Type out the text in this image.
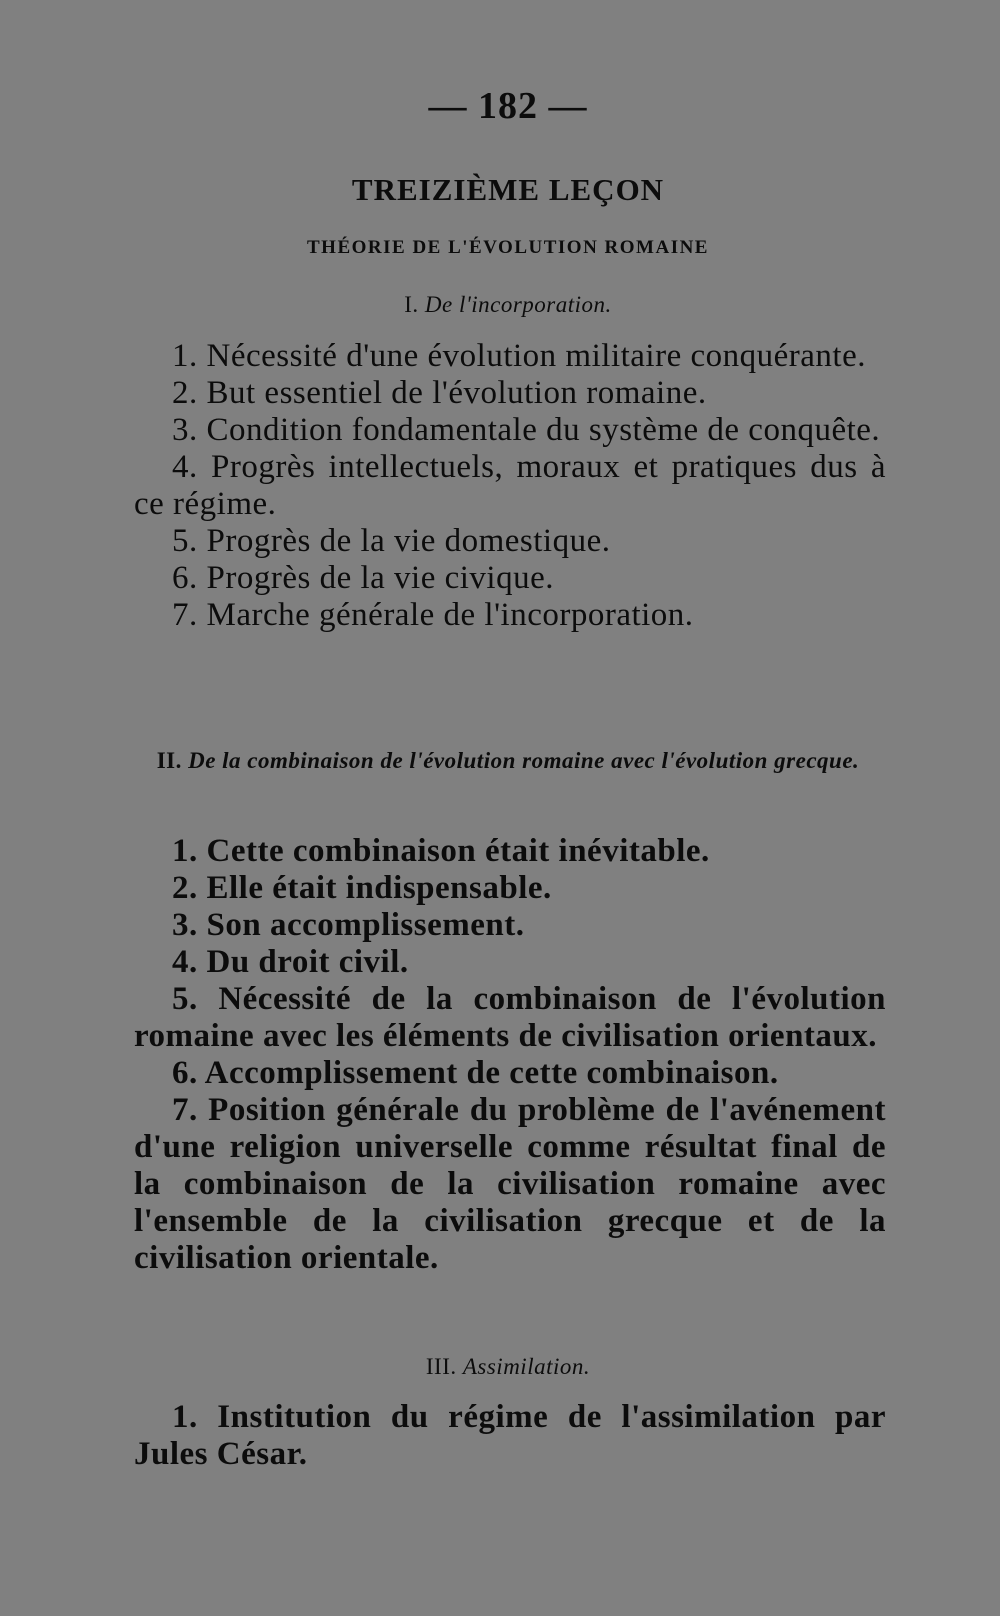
— 182 —
TREIZIÈME LEÇON
THÉORIE DE L'ÉVOLUTION ROMAINE
I. De l'incorporation.

1. Nécessité d'une évolution militaire conquérante.

2. But essentiel de l'évolution romaine.

3. Condition fondamentale du système de conquête.

4. Progrès intellectuels, moraux et pratiques dus à ce régime.

5. Progrès de la vie domestique.

6. Progrès de la vie civique.

7. Marche générale de l'incorporation.

II. De la combinaison de l'évolution romaine avec l'évolution grecque.

1. Cette combinaison était inévitable.

2. Elle était indispensable.

3. Son accomplissement.

4. Du droit civil.

5. Nécessité de la combinaison de l'évolution romaine avec les éléments de civilisation orientaux.

6. Accomplissement de cette combinaison.

7. Position générale du problème de l'avénement d'une religion universelle comme résultat final de la combinaison de la civilisation romaine avec l'ensemble de la civilisation grecque et de la civilisation orientale.

III. Assimilation.

1. Institution du régime de l'assimilation par Jules César.
